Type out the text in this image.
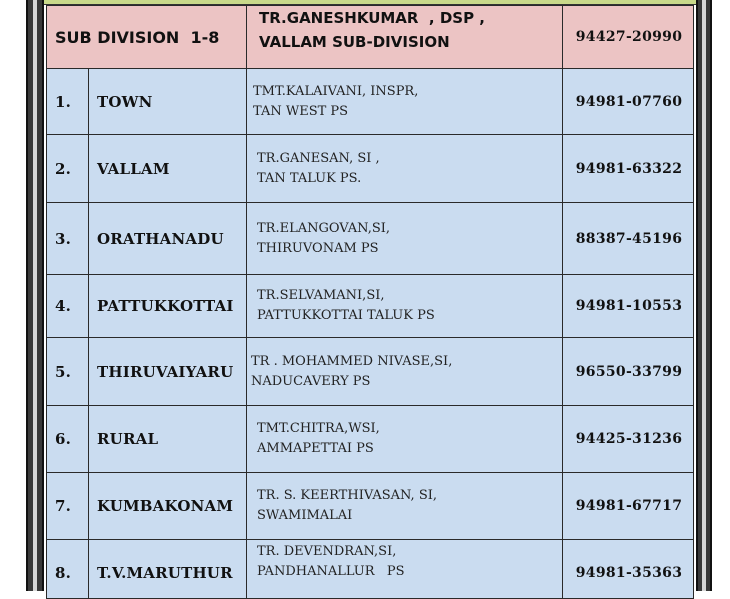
SUB DIVISION  1-8
TR.GANESHKUMAR  , DSP ,
VALLAM SUB-DIVISION	94427-20990
1. TOWN
TMT.KALAIVANI, INSPR,
TAN WEST PS
94981-07760
2. VALLAM
TR.GANESAN, SI ,
TAN TALUK PS.
94981-63322
3. ORATHANADU
TR.ELANGOVAN,SI,
THIRUVONAM PS
88387-45196
4. PATTUKKOTTAI
TR.SELVAMANI,SI,
PATTUKKOTTAI TALUK PS
94981-10553
5. THIRUVAIYARU
TR . MOHAMMED NIVASE,SI,
NADUCAVERY PS
96550-33799
6. RURAL
TMT.CHITRA,WSI,
AMMAPETTAI PS
94425-31236
7. KUMBAKONAM
TR. S. KEERTHIVASAN, SI,
SWAMIMALAI
94981-67717
8. T.V.MARUTHUR
TR. DEVENDRAN,SI,
PANDHANALLUR   PS	94981-35363
